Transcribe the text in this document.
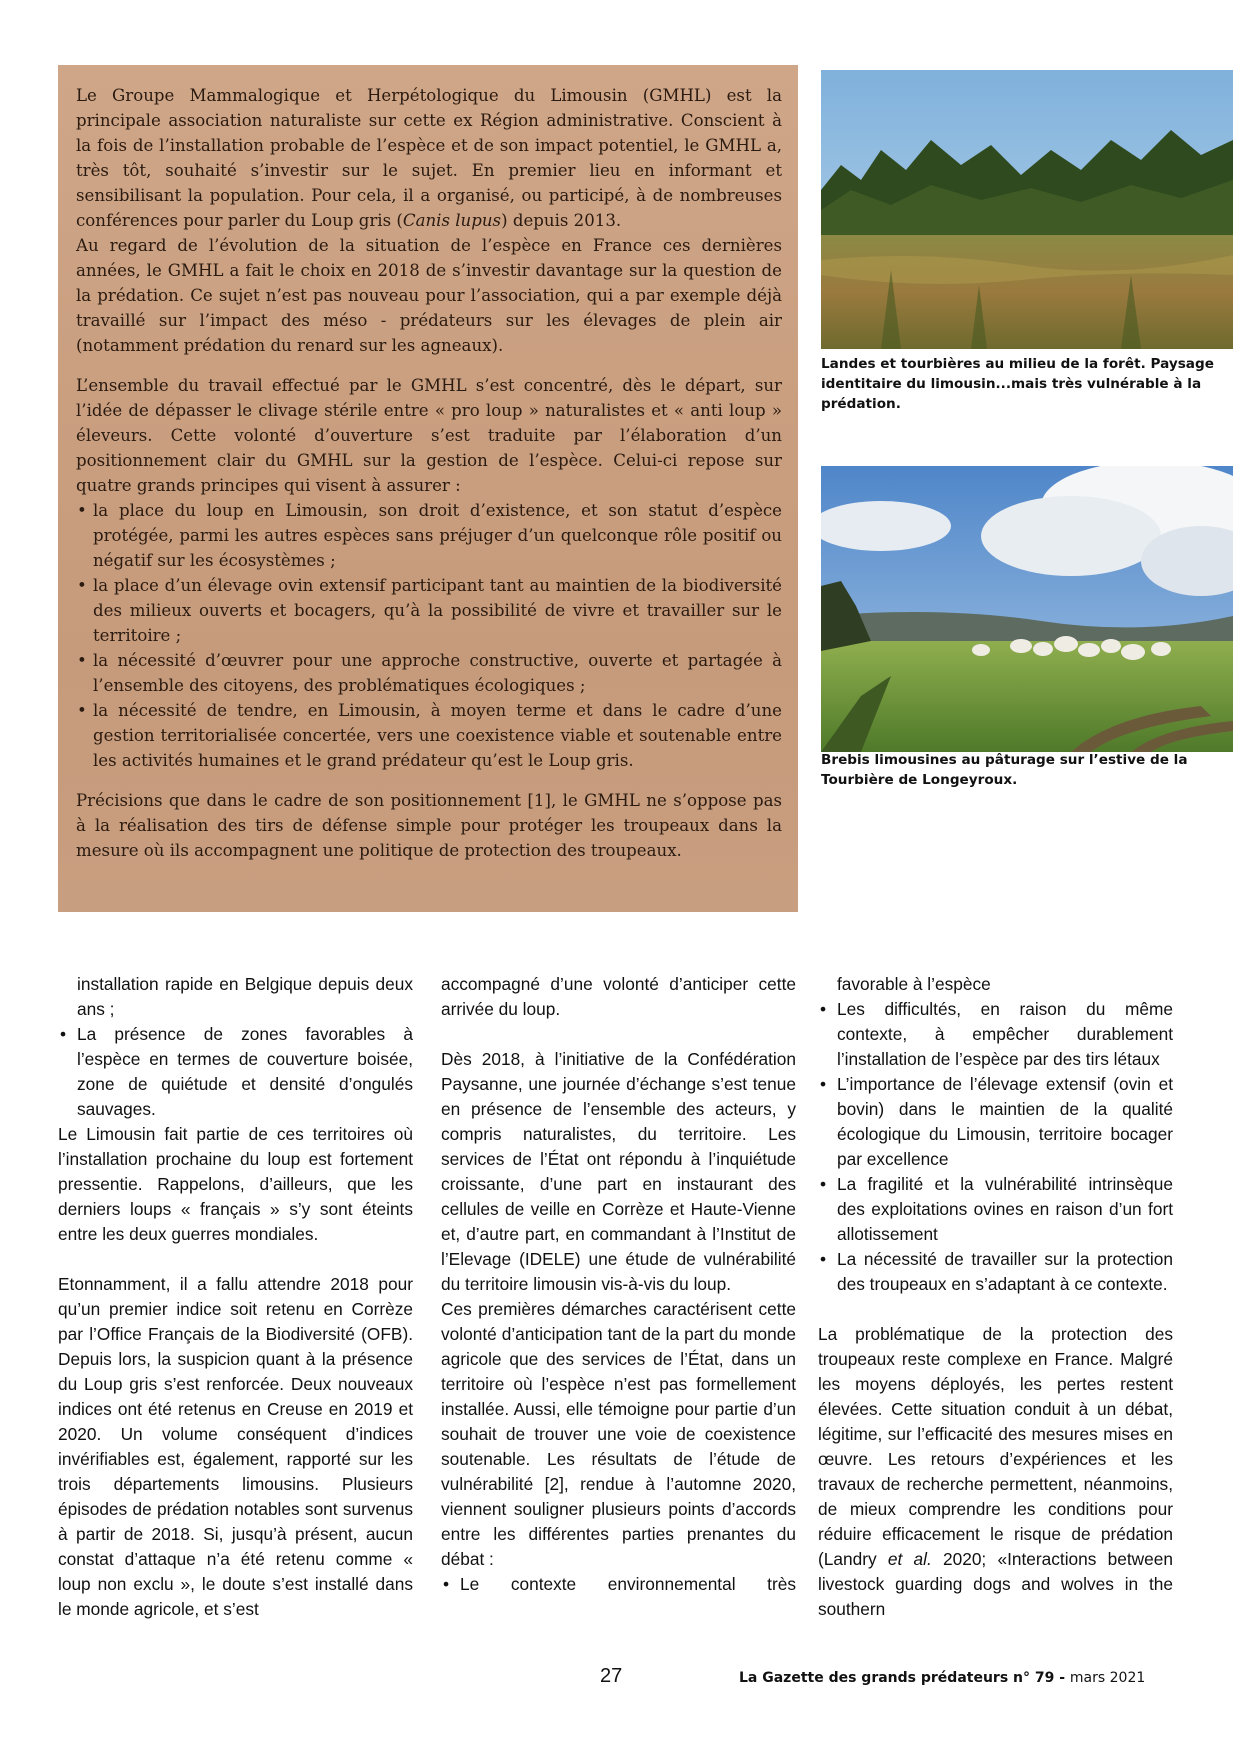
Le Groupe Mammalogique et Herpétologique du Limousin (GMHL) est la principale association naturaliste sur cette ex Région administrative. Conscient à la fois de l’installation probable de l’espèce et de son impact potentiel, le GMHL a, très tôt, souhaité s’investir sur le sujet. En premier lieu en informant et sensibilisant la population. Pour cela, il a organisé, ou participé, à de nombreuses conférences pour parler du Loup gris (Canis lupus) depuis 2013.

Au regard de l’évolution de la situation de l’espèce en France ces dernières années, le GMHL a fait le choix en 2018 de s’investir davantage sur la question de la prédation. Ce sujet n’est pas nouveau pour l’association, qui a par exemple déjà travaillé sur l’impact des méso - prédateurs sur les élevages de plein air (notamment prédation du renard sur les agneaux).

L’ensemble du travail effectué par le GMHL s’est concentré, dès le départ, sur l’idée de dépasser le clivage stérile entre « pro loup » naturalistes et « anti loup » éleveurs. Cette volonté d’ouverture s’est traduite par l’élaboration d’un positionnement clair du GMHL sur la gestion de l’espèce. Celui-ci repose sur quatre grands principes qui visent à assurer :

• la place du loup en Limousin, son droit d’existence, et son statut d’espèce protégée, parmi les autres espèces sans préjuger d’un quelconque rôle positif ou négatif sur les écosystèmes ;
• la place d’un élevage ovin extensif participant tant au maintien de la biodiversité des milieux ouverts et bocagers, qu’à la possibilité de vivre et travailler sur le territoire ;
• la nécessité d’œuvrer pour une approche constructive, ouverte et partagée à l’ensemble des citoyens, des problématiques écologiques ;
• la nécessité de tendre, en Limousin, à moyen terme et dans le cadre d’une gestion territorialisée concertée, vers une coexistence viable et soutenable entre les activités humaines et le grand prédateur qu’est le Loup gris.

Précisions que dans le cadre de son positionnement [1], le GMHL ne s’oppose pas à la réalisation des tirs de défense simple pour protéger les troupeaux dans la mesure où ils accompagnent une politique de protection des troupeaux.

Landes et tourbières au milieu de la forêt. Paysage identitaire du limousin...mais très vulnérable à la prédation.
Brebis limousines au pâturage sur l’estive de la Tourbière de Longeyroux.

installation rapide en Belgique depuis deux ans ;

• La présence de zones favorables à l’espèce en termes de couverture boisée, zone de quiétude et densité d’ongulés sauvages.

Le Limousin fait partie de ces territoires où l’installation prochaine du loup est fortement pressentie. Rappelons, d’ailleurs, que les derniers loups « français » s’y sont éteints entre les deux guerres mondiales.

Etonnamment, il a fallu attendre 2018 pour qu’un premier indice soit retenu en Corrèze par l’Office Français de la Biodiversité (OFB). Depuis lors, la suspicion quant à la présence du Loup gris s’est renforcée. Deux nouveaux indices ont été retenus en Creuse en 2019 et 2020. Un volume conséquent d’indices invérifiables est, également, rapporté sur les trois départements limousins. Plusieurs épisodes de prédation notables sont survenus à partir de 2018. Si, jusqu’à présent, aucun constat d’attaque n’a été retenu comme « loup non exclu », le doute s’est installé dans le monde agricole, et s’est

accompagné d’une volonté d’anticiper cette arrivée du loup.

Dès 2018, à l’initiative de la Confédération Paysanne, une journée d’échange s’est tenue en présence de l’ensemble des acteurs, y compris naturalistes, du territoire. Les services de l’État ont répondu à l’inquiétude croissante, d’une part en instaurant des cellules de veille en Corrèze et Haute-Vienne et, d’autre part, en commandant à l’Institut de l’Elevage (IDELE) une étude de vulnérabilité du territoire limousin vis-à-vis du loup.

Ces premières démarches caractérisent cette volonté d’anticipation tant de la part du monde agricole que des services de l’État, dans un territoire où l’espèce n’est pas formellement installée. Aussi, elle témoigne pour partie d’un souhait de trouver une voie de coexistence soutenable. Les résultats de l’étude de vulnérabilité [2], rendue à l’automne 2020, viennent souligner plusieurs points d’accords entre les différentes parties prenantes du débat :

• Le contexte environnemental très

favorable à l’espèce

• Les difficultés, en raison du même contexte, à empêcher durablement l’installation de l’espèce par des tirs létaux
• L’importance de l’élevage extensif (ovin et bovin) dans le maintien de la qualité écologique du Limousin, territoire bocager par excellence
• La fragilité et la vulnérabilité intrinsèque des exploitations ovines en raison d’un fort allotissement
• La nécessité de travailler sur la protection des troupeaux en s’adaptant à ce contexte.

La problématique de la protection des troupeaux reste complexe en France. Malgré les moyens déployés, les pertes restent élevées. Cette situation conduit à un débat, légitime, sur l’efficacité des mesures mises en œuvre. Les retours d’expériences et les travaux de recherche permettent, néanmoins, de mieux comprendre les conditions pour réduire efficacement le risque de prédation (Landry et al. 2020; «Interactions between livestock guarding dogs and wolves in the southern

27	La Gazette des grands prédateurs n° 79 - mars 2021
